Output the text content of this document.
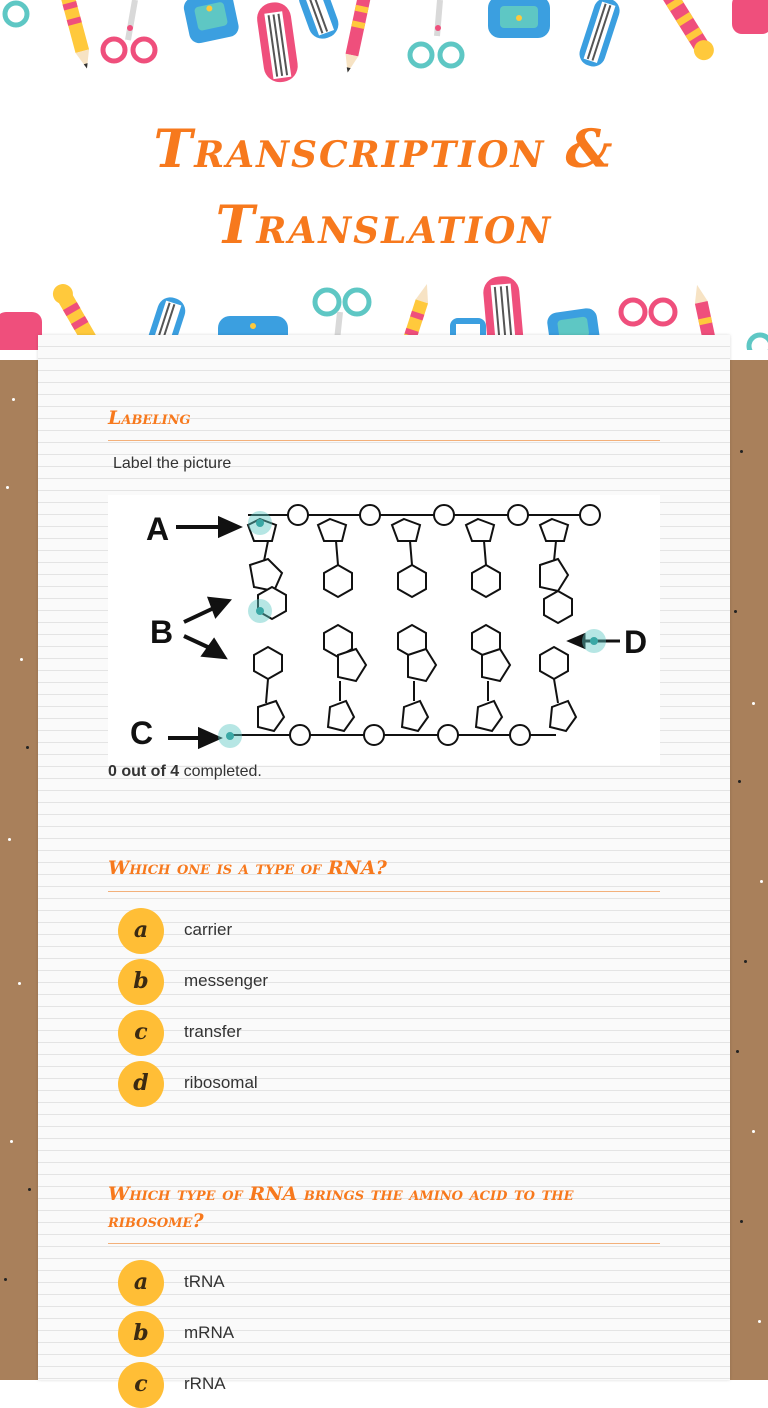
Transcription & Translation
Labeling
Label the picture
A
B
C
D
0 out of 4 completed.
Which one is a type of RNA?
a	carrier
b	messenger
c	transfer
d	ribosomal
Which type of RNA brings the amino acid to the ribosome?
a	tRNA
b	mRNA
c	rRNA
